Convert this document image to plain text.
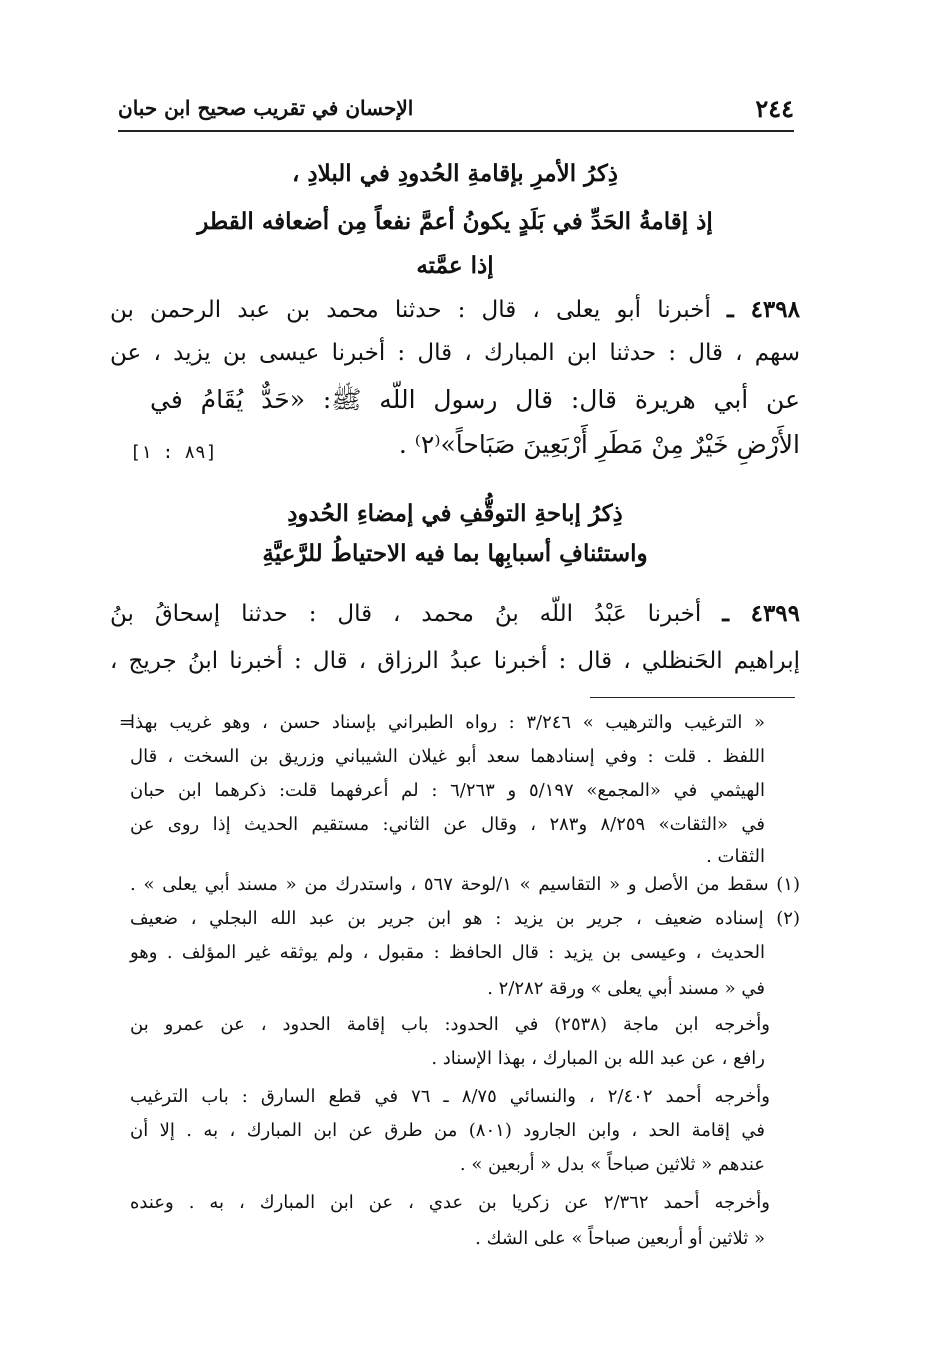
٢٤٤
الإحسان في تقريب صحيح ابن حبان
ذِكرُ الأمرِ بإقامةِ الحُدودِ في البلادِ ،
إذ إقامةُ الحَدِّ في بَلَدٍ يكونُ أعمَّ نفعاً مِن أضعافه القطر
إذا عمَّته
٤٣٩٨ ـ أخبرنا أبو يعلى ، قال : حدثنا محمد بن عبد الرحمن بن
سهم ، قال : حدثنا ابن المبارك ، قال : أخبرنا عيسى بن يزيد ، عن
عن أبي هريرة قال: قال رسول اللّه ﷺ: «حَدٌّ يُقَامُ في
الأَرْضِ خَيْرٌ مِنْ مَطَرِ أَرْبَعِينَ صَبَاحاً»⁽٢⁾ .
[٨٩ : ١]
ذِكرُ إباحةِ التوقُّفِ في إمضاءِ الحُدودِ
واستئنافِ أسبابِها بما فيه الاحتياطُ للرَّعيَّةِ
٤٣٩٩ ـ أخبرنا عَبْدُ اللّه بنُ محمد ، قال : حدثنا إسحاقُ بنُ
إبراهيم الحَنظلي ، قال : أخبرنا عبدُ الرزاق ، قال : أخبرنا ابنُ جريج ،
=
« الترغيب والترهيب » ٣/٢٤٦ : رواه الطبراني بإسناد حسن ، وهو غريب بهذا
اللفظ . قلت : وفي إسنادهما سعد أبو غيلان الشيباني وزريق بن السخت ، قال
الهيثمي في «المجمع» ٥/١٩٧ و ٦/٢٦٣ : لم أعرفهما قلت: ذكرهما ابن حبان
في «الثقات» ٨/٢٥٩ و٢٨٣ ، وقال عن الثاني: مستقيم الحديث إذا روى عن
الثقات .
(١) سقط من الأصل و « التقاسيم » ١/لوحة ٥٦٧ ، واستدرك من « مسند أبي يعلى » .
(٢) إسناده ضعيف ، جرير بن يزيد : هو ابن جرير بن عبد الله البجلي ، ضعيف
الحديث ، وعيسى بن يزيد : قال الحافظ : مقبول ، ولم يوثقه غير المؤلف . وهو
في « مسند أبي يعلى » ورقة ٢/٢٨٢ .
وأخرجه ابن ماجة (٢٥٣٨) في الحدود: باب إقامة الحدود ، عن عمرو بن
رافع ، عن عبد الله بن المبارك ، بهذا الإسناد .
وأخرجه أحمد ٢/٤٠٢ ، والنسائي ٨/٧٥ ـ ٧٦ في قطع السارق : باب الترغيب
في إقامة الحد ، وابن الجارود (٨٠١) من طرق عن ابن المبارك ، به . إلا أن
عندهم « ثلاثين صباحاً » بدل « أربعين » .
وأخرجه أحمد ٢/٣٦٢ عن زكريا بن عدي ، عن ابن المبارك ، به . وعنده
« ثلاثين أو أربعين صباحاً » على الشك .
